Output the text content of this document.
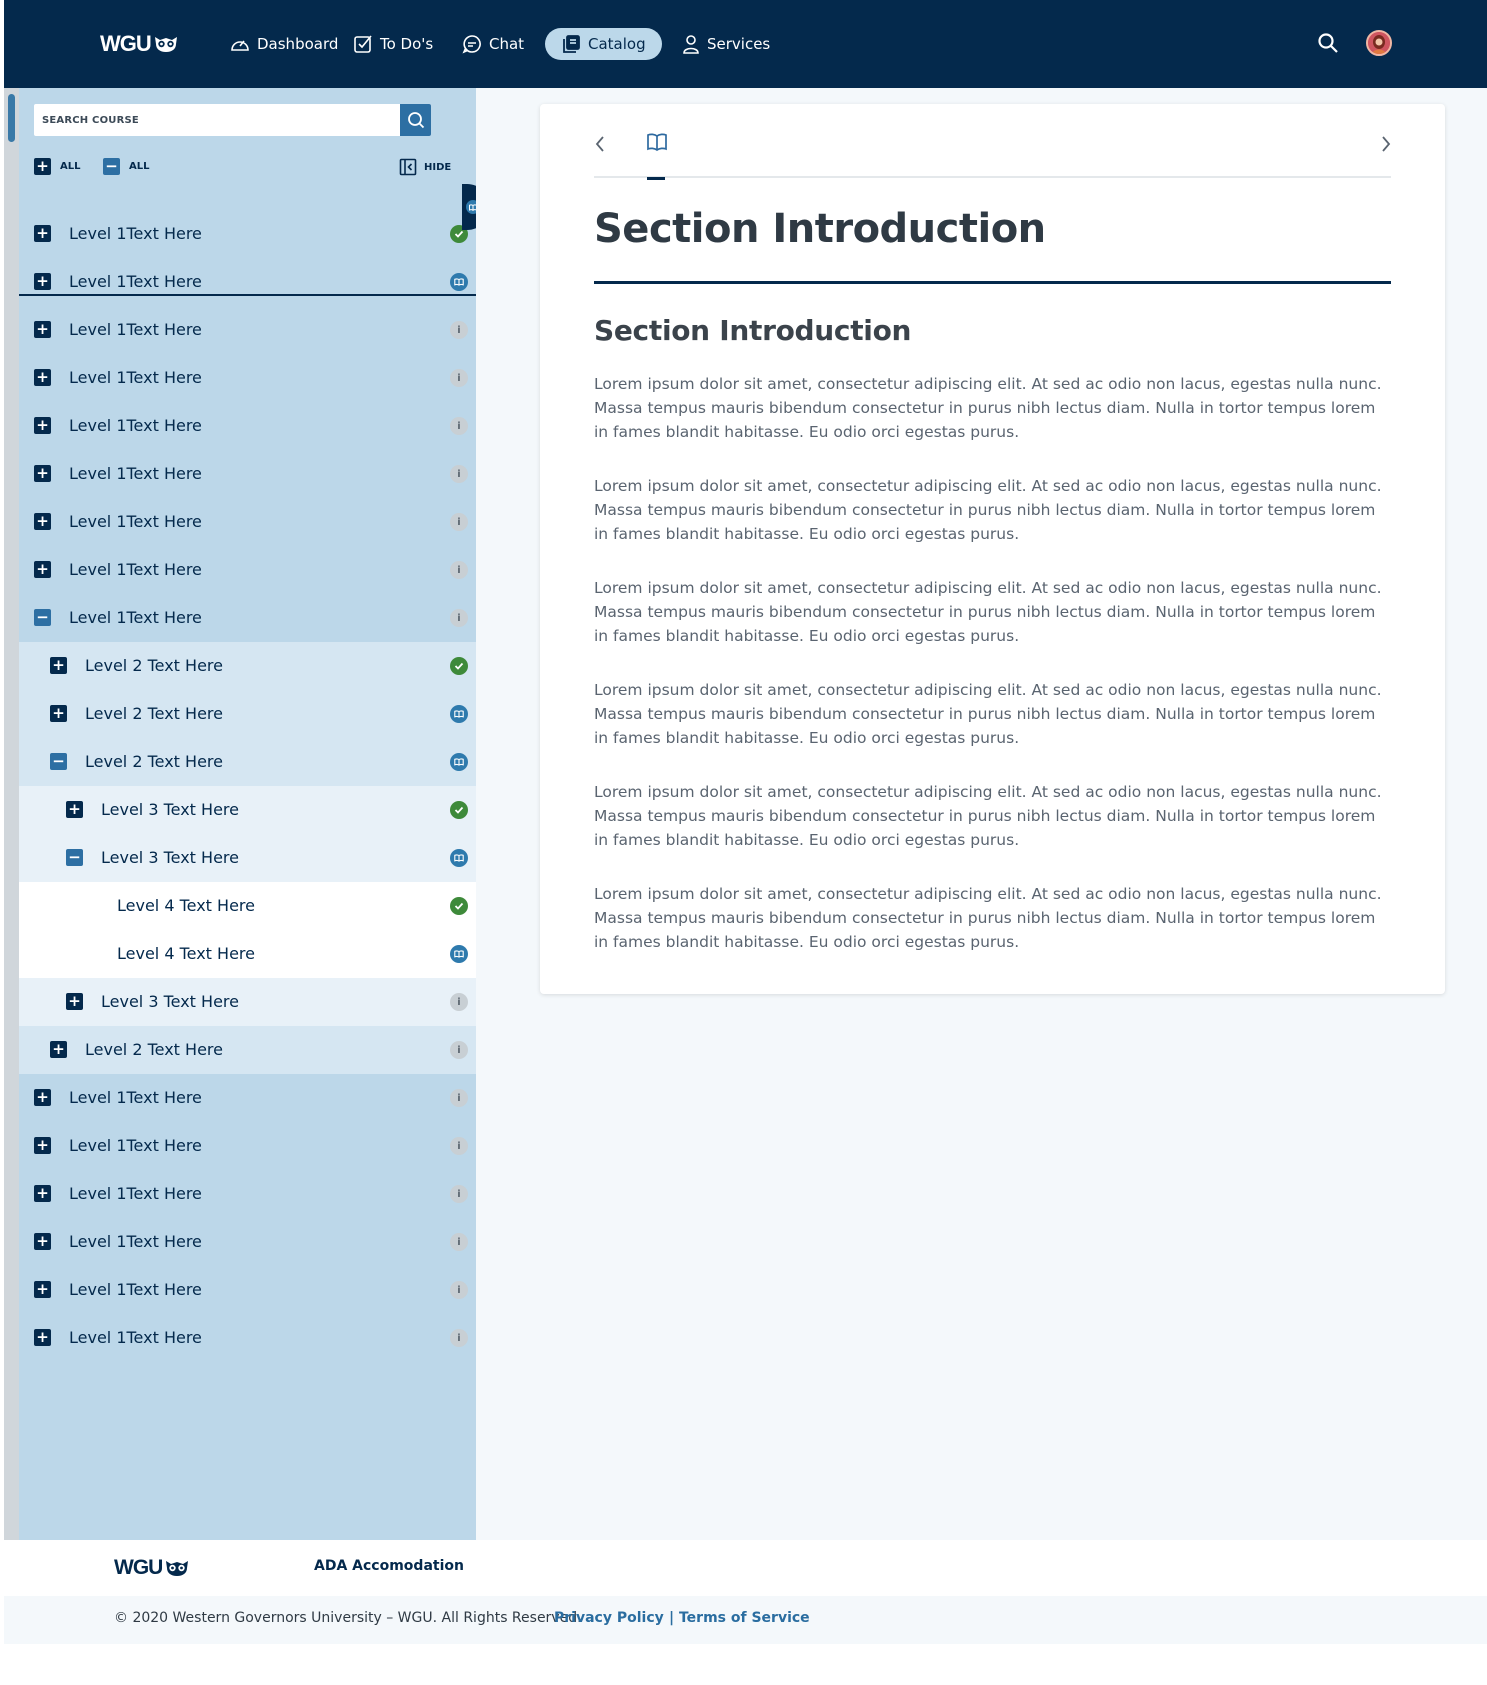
WGU	Dashboard	To Do's	Chat	Catalog	Services
SEARCH COURSE
+ ALL − ALL	HIDE
+ Level 1Text Here
+ Level 1Text Here
+ Level 1Text Here	i
+ Level 1Text Here	i
+ Level 1Text Here	i
+ Level 1Text Here	i
+ Level 1Text Here	i
+ Level 1Text Here	i
− Level 1Text Here	i
+ Level 2 Text Here
+ Level 2 Text Here
− Level 2 Text Here
+ Level 3 Text Here
− Level 3 Text Here
Level 4 Text Here
Level 4 Text Here
+ Level 3 Text Here	i
+ Level 2 Text Here	i
+ Level 1Text Here	i
+ Level 1Text Here	i
+ Level 1Text Here	i
+ Level 1Text Here	i
+ Level 1Text Here	i
+ Level 1Text Here	i
Section Introduction
Section Introduction

Lorem ipsum dolor sit amet, consectetur adipiscing elit. At sed ac odio non lacus, egestas nulla nunc. Massa tempus mauris bibendum consectetur in purus nibh lectus diam. Nulla in tortor tempus lorem in fames blandit habitasse. Eu odio orci egestas purus.

Lorem ipsum dolor sit amet, consectetur adipiscing elit. At sed ac odio non lacus, egestas nulla nunc. Massa tempus mauris bibendum consectetur in purus nibh lectus diam. Nulla in tortor tempus lorem in fames blandit habitasse. Eu odio orci egestas purus.

Lorem ipsum dolor sit amet, consectetur adipiscing elit. At sed ac odio non lacus, egestas nulla nunc. Massa tempus mauris bibendum consectetur in purus nibh lectus diam. Nulla in tortor tempus lorem in fames blandit habitasse. Eu odio orci egestas purus.

Lorem ipsum dolor sit amet, consectetur adipiscing elit. At sed ac odio non lacus, egestas nulla nunc. Massa tempus mauris bibendum consectetur in purus nibh lectus diam. Nulla in tortor tempus lorem in fames blandit habitasse. Eu odio orci egestas purus.

Lorem ipsum dolor sit amet, consectetur adipiscing elit. At sed ac odio non lacus, egestas nulla nunc. Massa tempus mauris bibendum consectetur in purus nibh lectus diam. Nulla in tortor tempus lorem in fames blandit habitasse. Eu odio orci egestas purus.

Lorem ipsum dolor sit amet, consectetur adipiscing elit. At sed ac odio non lacus, egestas nulla nunc. Massa tempus mauris bibendum consectetur in purus nibh lectus diam. Nulla in tortor tempus lorem in fames blandit habitasse. Eu odio orci egestas purus.

WGU	ADA Accomodation
© 2020 Western Governors University – WGU. All Rights Reserved.
Privacy Policy | Terms of Service
